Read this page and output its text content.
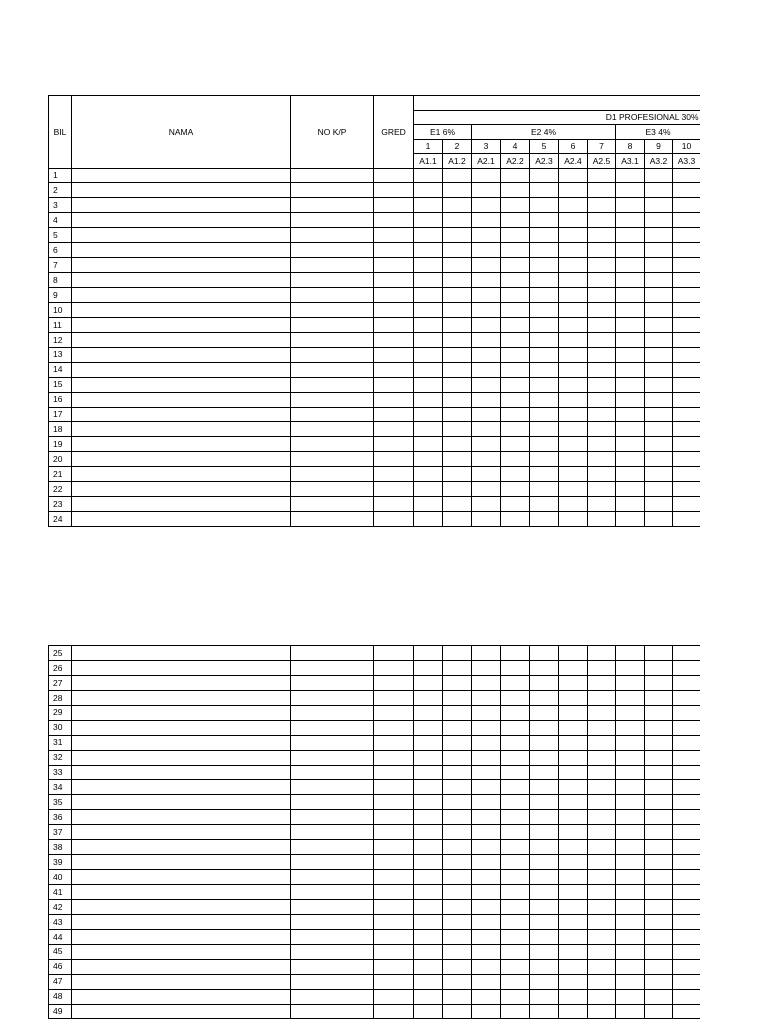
BIL	NAMA	NO K/P	GRED										
				D1 PROFESIONAL 30%									
				E1 6%		E2 4%					E3 4%		
				1	2	3	4	5	6	7	8	9	10
				A1.1	A1.2	A2.1	A2.2	A2.3	A2.4	A2.5	A3.1	A3.2	A3.3
1													
2													
3													
4													
5													
6													
7													
8													
9													
10													
11													
12													
13													
14													
15													
16													
17													
18													
19													
20													
21													
22													
23													
24													
25													
26													
27													
28													
29													
30													
31													
32													
33													
34													
35													
36													
37													
38													
39													
40													
41													
42													
43													
44													
45													
46													
47													
48													
49													
